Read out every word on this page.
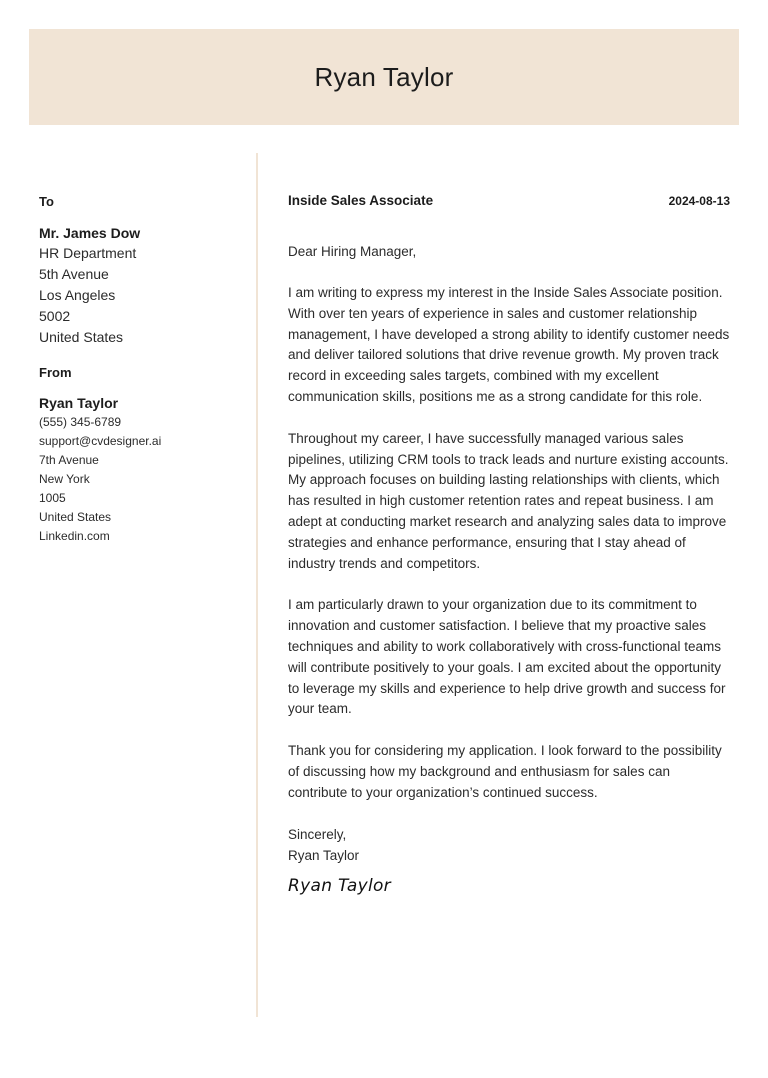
Ryan Taylor
To
Mr. James Dow
HR Department
5th Avenue
Los Angeles
5002
United States
From
Ryan Taylor
(555) 345-6789
support@cvdesigner.ai
7th Avenue
New York
1005
United States
Linkedin.com
Inside Sales Associate	2024-08-13
Dear Hiring Manager,

I am writing to express my interest in the Inside Sales Associate position. With over ten years of experience in sales and customer relationship management, I have developed a strong ability to identify customer needs and deliver tailored solutions that drive revenue growth. My proven track record in exceeding sales targets, combined with my excellent communication skills, positions me as a strong candidate for this role.

Throughout my career, I have successfully managed various sales pipelines, utilizing CRM tools to track leads and nurture existing accounts. My approach focuses on building lasting relationships with clients, which has resulted in high customer retention rates and repeat business. I am adept at conducting market research and analyzing sales data to improve strategies and enhance performance, ensuring that I stay ahead of industry trends and competitors.

I am particularly drawn to your organization due to its commitment to innovation and customer satisfaction. I believe that my proactive sales techniques and ability to work collaboratively with cross-functional teams will contribute positively to your goals. I am excited about the opportunity to leverage my skills and experience to help drive growth and success for your team.

Thank you for considering my application. I look forward to the possibility of discussing how my background and enthusiasm for sales can contribute to your organization’s continued success.

Sincerely,
Ryan Taylor
Ryan Taylor
